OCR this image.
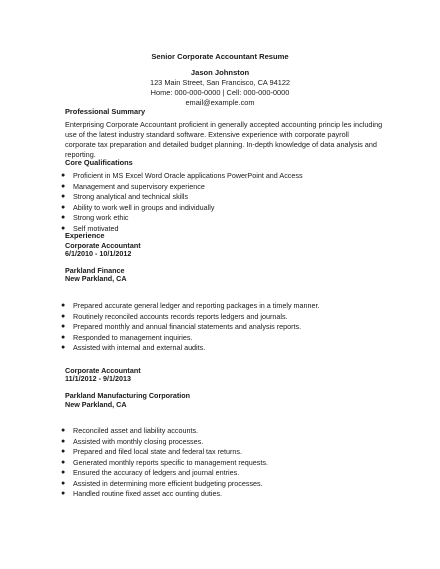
Senior Corporate Accountant Resume
Jason Johnston
123 Main Street, San Francisco, CA 94122
Home: 000-000-0000 | Cell: 000-000-0000
email@example.com
Professional Summary
Enterprising Corporate Accountant proficient in generally accepted accounting princip les including
use of the latest industry standard software. Extensive experience with corporate payroll
corporate tax preparation and detailed budget planning. In-depth knowledge of data analysis and
reporting.
Core Qualifications
● Proficient in MS Excel Word Oracle applications PowerPoint and Access
● Management and supervisory experience
● Strong analytical and technical skills
● Ability to work well in groups and individually
● Strong work ethic
● Self motivated
Experience
Corporate Accountant
6/1/2010 - 10/1/2012
Parkland Finance
New Parkland, CA
● Prepared accurate general ledger and reporting packages in a timely manner.
● Routinely reconciled accounts records reports ledgers and journals.
● Prepared monthly and annual financial statements and analysis reports.
● Responded to management inquiries.
● Assisted with internal and external audits.
Corporate Accountant
11/1/2012 - 9/1/2013
Parkland Manufacturing Corporation
New Parkland, CA
● Reconciled asset and liability accounts.
● Assisted with monthly closing processes.
● Prepared and filed local state and federal tax returns.
● Generated monthly reports specific to management requests.
● Ensured the accuracy of ledgers and journal entries.
● Assisted in determining more efficient budgeting processes.
● Handled routine fixed asset acc ounting duties.
